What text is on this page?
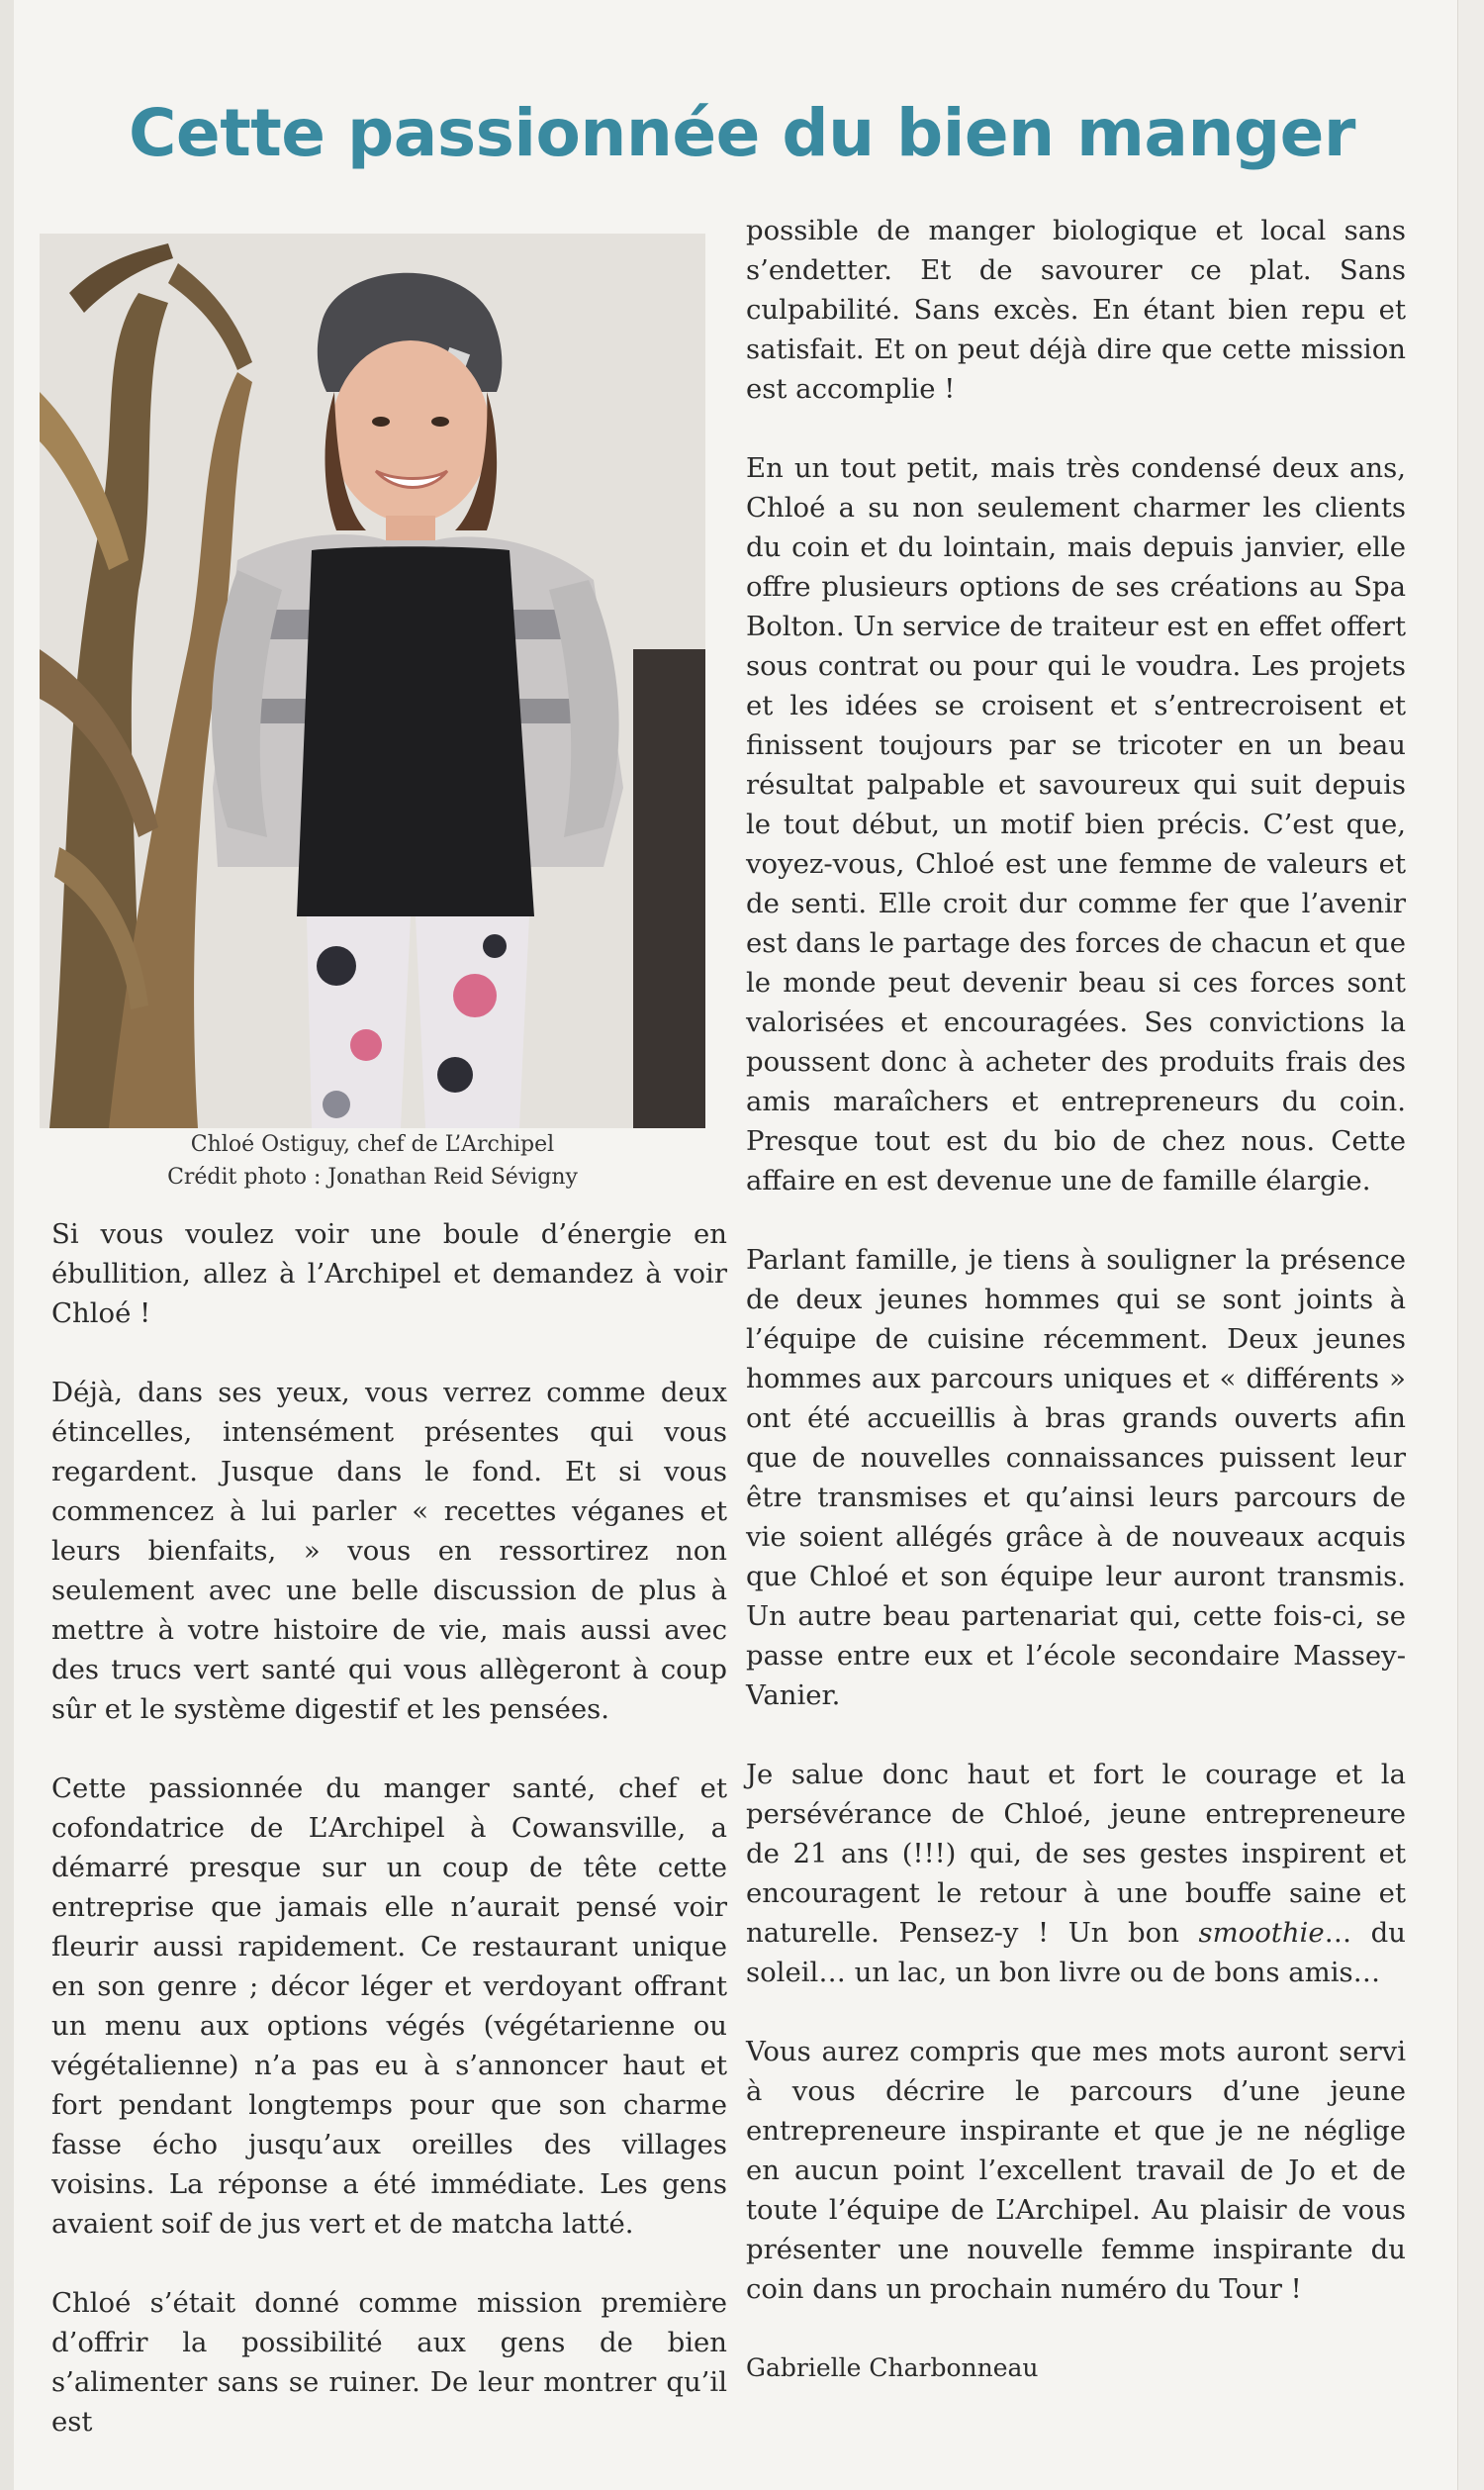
Cette passionnée du bien manger
Chloé Ostiguy, chef de L’Archipel
Crédit photo : Jonathan Reid Sévigny

Si vous voulez voir une boule d’énergie en ébullition, allez à l’Archipel et demandez à voir Chloé !

Déjà, dans ses yeux, vous verrez comme deux étincelles, intensément présentes qui vous regardent. Jusque dans le fond. Et si vous commencez à lui parler « recettes véganes et leurs bienfaits, » vous en ressortirez non seulement avec une belle discussion de plus à mettre à votre histoire de vie, mais aussi avec des trucs vert santé qui vous allègeront à coup sûr et le système digestif et les pensées.

Cette passionnée du manger santé, chef et cofondatrice de L’Archipel à Cowansville, a démarré presque sur un coup de tête cette entreprise que jamais elle n’aurait pensé voir fleurir aussi rapidement. Ce restaurant unique en son genre ; décor léger et verdoyant offrant un menu aux options végés (végétarienne ou végétalienne) n’a pas eu à s’annoncer haut et fort pendant longtemps pour que son charme fasse écho jusqu’aux oreilles des villages voisins. La réponse a été immédiate. Les gens avaient soif de jus vert et de matcha latté.

Chloé s’était donné comme mission première d’offrir la possibilité aux gens de bien s’alimenter sans se ruiner. De leur montrer qu’il est

possible de manger biologique et local sans s’endetter. Et de savourer ce plat. Sans culpabilité. Sans excès. En étant bien repu et satisfait. Et on peut déjà dire que cette mission est accomplie !

En un tout petit, mais très condensé deux ans, Chloé a su non seulement charmer les clients du coin et du lointain, mais depuis janvier, elle offre plusieurs options de ses créations au Spa Bolton. Un service de traiteur est en effet offert sous contrat ou pour qui le voudra. Les projets et les idées se croisent et s’entrecroisent et finissent toujours par se tricoter en un beau résultat palpable et savoureux qui suit depuis le tout début, un motif bien précis. C’est que, voyez-vous, Chloé est une femme de valeurs et de senti. Elle croit dur comme fer que l’avenir est dans le partage des forces de chacun et que le monde peut devenir beau si ces forces sont valorisées et encouragées. Ses convictions la poussent donc à acheter des produits frais des amis maraîchers et entrepreneurs du coin. Presque tout est du bio de chez nous. Cette affaire en est devenue une de famille élargie.

Parlant famille, je tiens à souligner la présence de deux jeunes hommes qui se sont joints à l’équipe de cuisine récemment. Deux jeunes hommes aux parcours uniques et « différents » ont été accueillis à bras grands ouverts afin que de nouvelles connaissances puissent leur être transmises et qu’ainsi leurs parcours de vie soient allégés grâce à de nouveaux acquis que Chloé et son équipe leur auront transmis. Un autre beau partenariat qui, cette fois-ci, se passe entre eux et l’école secondaire Massey-Vanier.

Je salue donc haut et fort le courage et la persévérance de Chloé, jeune entrepreneure de 21 ans (!!!) qui, de ses gestes inspirent et encouragent le retour à une bouffe saine et naturelle. Pensez-y ! Un bon smoothie… du soleil… un lac, un bon livre ou de bons amis…

Vous aurez compris que mes mots auront servi à vous décrire le parcours d’une jeune entrepreneure inspirante et que je ne néglige en aucun point l’excellent travail de Jo et de toute l’équipe de L’Archipel. Au plaisir de vous présenter une nouvelle femme inspirante du coin dans un prochain numéro du Tour !

Gabrielle Charbonneau
